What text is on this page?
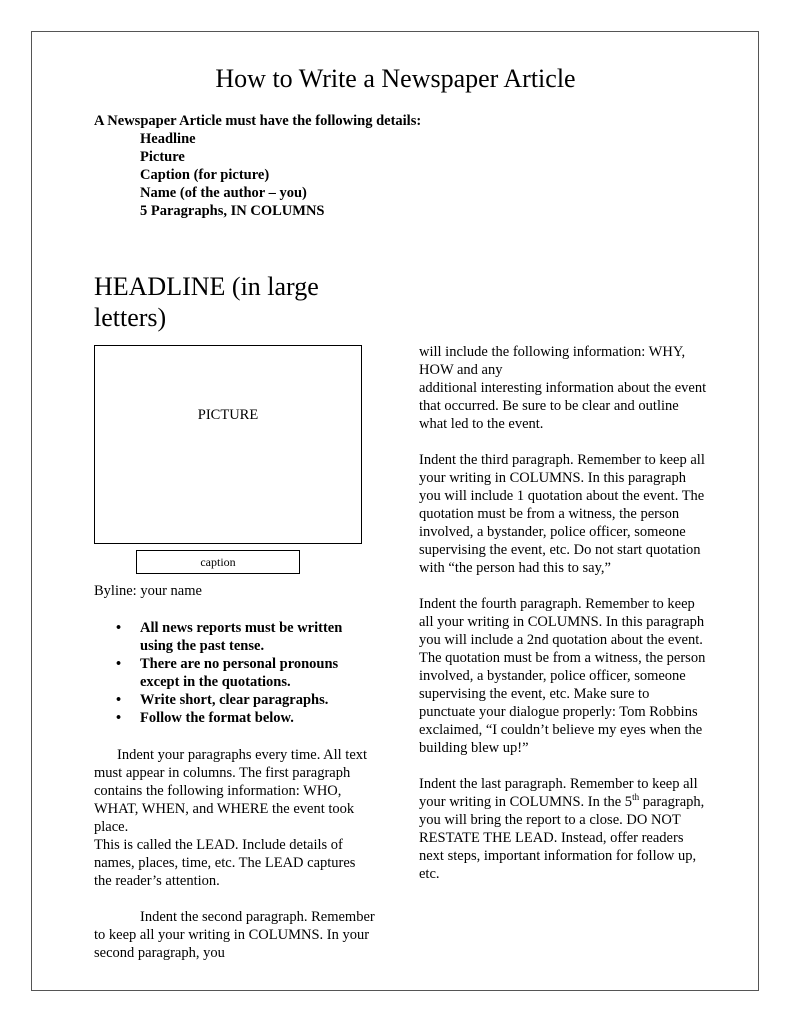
How to Write a Newspaper Article
A Newspaper Article must have the following details:
Headline
Picture
Caption (for picture)
Name (of the author – you)
5 Paragraphs, IN COLUMNS
HEADLINE (in large letters)
PICTURE
caption
Byline: your name
• All news reports must be written using the past tense.
• There are no personal pronouns except in the quotations.
• Write short, clear paragraphs.
• Follow the format below.

Indent your paragraphs every time. All text must appear in columns. The first paragraph contains the following information: WHO, WHAT, WHEN, and WHERE the event took place.

This is called the LEAD. Include details of names, places, time, etc. The LEAD captures the reader’s attention.

Indent the second paragraph. Remember to keep all your writing in COLUMNS. In your second paragraph, you

will include the following information: WHY, HOW and any

additional interesting information about the event that occurred. Be sure to be clear and outline what led to the event.

Indent the third paragraph. Remember to keep all your writing in COLUMNS. In this paragraph you will include 1 quotation about the event. The quotation must be from a witness, the person involved, a bystander, police officer, someone supervising the event, etc. Do not start quotation with “the person had this to say,”

Indent the fourth paragraph. Remember to keep all your writing in COLUMNS. In this paragraph you will include a 2nd quotation about the event. The quotation must be from a witness, the person involved, a bystander, police officer, someone supervising the event, etc. Make sure to punctuate your dialogue properly: Tom Robbins exclaimed, “I couldn’t believe my eyes when the building blew up!”

Indent the last paragraph. Remember to keep all your writing in COLUMNS. In the 5th paragraph, you will bring the report to a close. DO NOT RESTATE THE LEAD. Instead, offer readers next steps, important information for follow up, etc.
